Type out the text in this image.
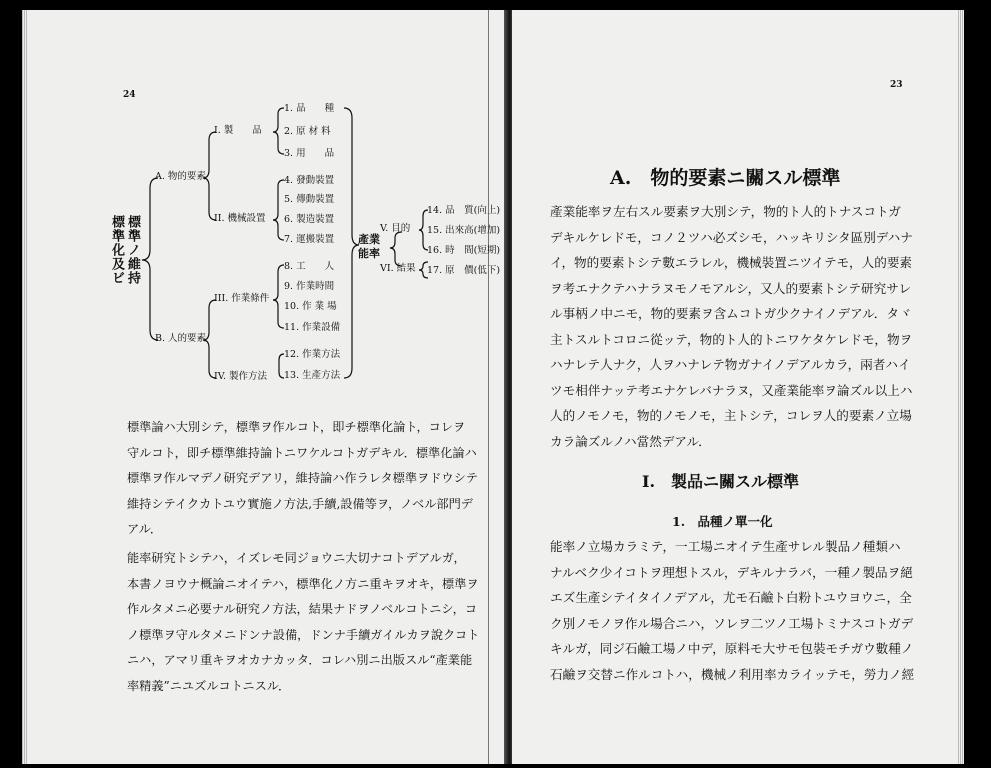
24
標準ノ維持
標準化及ビ
A. 物的要素
B. 人的要素
I. 製　　品
II. 機械設置
III. 作業條件
IV. 製作方法
1. 品　　種
2. 原 材 料
3. 用　　品
4. 發動裝置
5. 傳動裝置
6. 製造裝置
7. 運搬裝置
8. 工　　人
9. 作業時間
10. 作 業 場
11. 作業設備
12. 作業方法
13. 生產方法
產業
能率
V. 目的
VI. 結果
14. 品　質(向上)
15. 出來高(增加)
16. 時　間(短期)
17. 原　價(低下)
標準論ハ大別シテ，標準ヲ作ルコト，即チ標準化論ト，コレヲ
守ルコト，即チ標準維持論トニワケルコトガデキル．標準化論ハ
標準ヲ作ルマデノ研究デアリ，維持論ハ作ラレタ標準ヲドウシテ
維持シテイクカトユウ實施ノ方法,手續,設備等ヲ，ノベル部門デ
アル．
能率研究トシテハ，イズレモ同ジョウニ大切ナコトデアルガ，
本書ノヨウナ概論ニオイテハ，標準化ノ方ニ重キヲオキ，標準ヲ
作ルタメニ必要ナル研究ノ方法，結果ナドヲノベルコトニシ，コ
ノ標準ヲ守ルタメニドンナ設備，ドンナ手續ガイルカヲ說クコト
ニハ，アマリ重キヲオカナカッタ．コレハ別ニ出版スル“產業能
率精義”ニユズルコトニスル．
23
A.　物的要素ニ關スル標準
產業能率ヲ左右スル要素ヲ大別シテ，物的ト人的トナスコトガ
デキルケレドモ，コノ２ツハ必ズシモ，ハッキリシタ區別デハナ
イ，物的要素トシテ數エラレル，機械裝置ニツイテモ，人的要素
ヲ考エナクテハナラヌモノモアルシ，又人的要素トシテ研究サレ
ル事柄ノ中ニモ，物的要素ヲ含ムコトガ少クナイノデアル．タヾ
主トスルトコロニ從ッテ，物的ト人的トニワケタケレドモ，物ヲ
ハナレテ人ナク，人ヲハナレテ物ガナイノデアルカラ，兩者ハイ
ツモ相伴ナッテ考エナケレバナラヌ，又產業能率ヲ論ズル以上ハ
人的ノモノモ，物的ノモノモ，主トシテ，コレヲ人的要素ノ立場
カラ論ズルノハ當然デアル．
I.　製品ニ關スル標準
1.　品種ノ單一化
能率ノ立場カラミテ，一工場ニオイテ生產サレル製品ノ種類ハ
ナルベク少イコトヲ理想トスル，デキルナラバ，一種ノ製品ヲ絕
エズ生產シテイタイノデアル，尤モ石鹼ト白粉トユウヨウニ，全
ク別ノモノヲ作ル場合ニハ，ソレヲ二ツノ工場トミナスコトガデ
キルガ，同ジ石鹼工場ノ中デ，原料モ大サモ包裝モチガウ數種ノ
石鹼ヲ交替ニ作ルコトハ，機械ノ利用率カライッテモ，勞力ノ經
